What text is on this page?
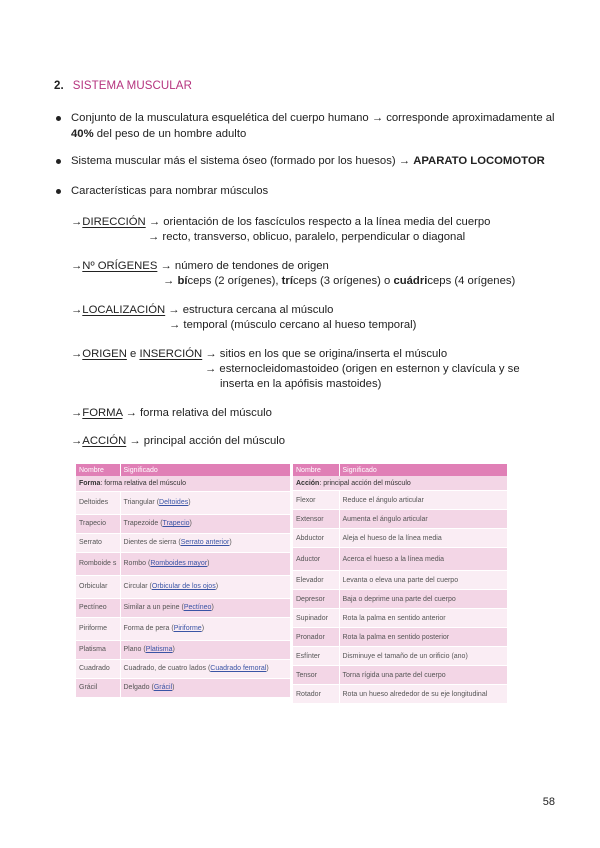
2. SISTEMA MUSCULAR
Conjunto de la musculatura esquelética del cuerpo humano → corresponde aproximadamente al
40% del peso de un hombre adulto
Sistema muscular más el sistema óseo (formado por los huesos) → APARATO LOCOMOTOR
Características para nombrar músculos
→DIRECCIÓN → orientación de los fascículos respecto a la línea media del cuerpo
→ recto, transverso, oblicuo, paralelo, perpendicular o diagonal
→Nº ORÍGENES → número de tendones de origen
→ bíceps (2 orígenes), tríceps (3 orígenes) o cuádriceps (4 orígenes)
→LOCALIZACIÓN → estructura cercana al músculo
→ temporal (músculo cercano al hueso temporal)
→ORIGEN e INSERCIÓN → sitios en los que se origina/inserta el músculo
→ esternocleidomastoideo (origen en esternon y clavícula y se
inserta en la apófisis mastoides)
→FORMA → forma relativa del músculo
→ACCIÓN → principal acción del músculo
Nombre	Significado
Forma: forma relativa del músculo	
Deltoides	Triangular (Deltoides)
Trapecio	Trapezoide (Trapecio)
Serrato	Dientes de sierra (Serrato anterior)
Romboide s	Rombo (Romboides mayor)
Orbicular	Circular (Orbicular de los ojos)
Pectíneo	Similar a un peine (Pectíneo)
Piriforme	Forma de pera (Piriforme)
Platisma	Plano (Platisma)
Cuadrado	Cuadrado, de cuatro lados (Cuadrado femoral)
Grácil	Delgado (Grácil)
Nombre	Significado
Acción: principal acción del músculo	
Flexor	Reduce el ángulo articular
Extensor	Aumenta el ángulo articular
Abductor	Aleja el hueso de la línea media
Aductor	Acerca el hueso a la línea media
Elevador	Levanta o eleva una parte del cuerpo
Depresor	Baja o deprime una parte del cuerpo
Supinador	Rota la palma en sentido anterior
Pronador	Rota la palma en sentido posterior
Esfínter	Disminuye el tamaño de un orificio (ano)
Tensor	Torna rígida una parte del cuerpo
Rotador	Rota un hueso alrededor de su eje longitudinal
58
